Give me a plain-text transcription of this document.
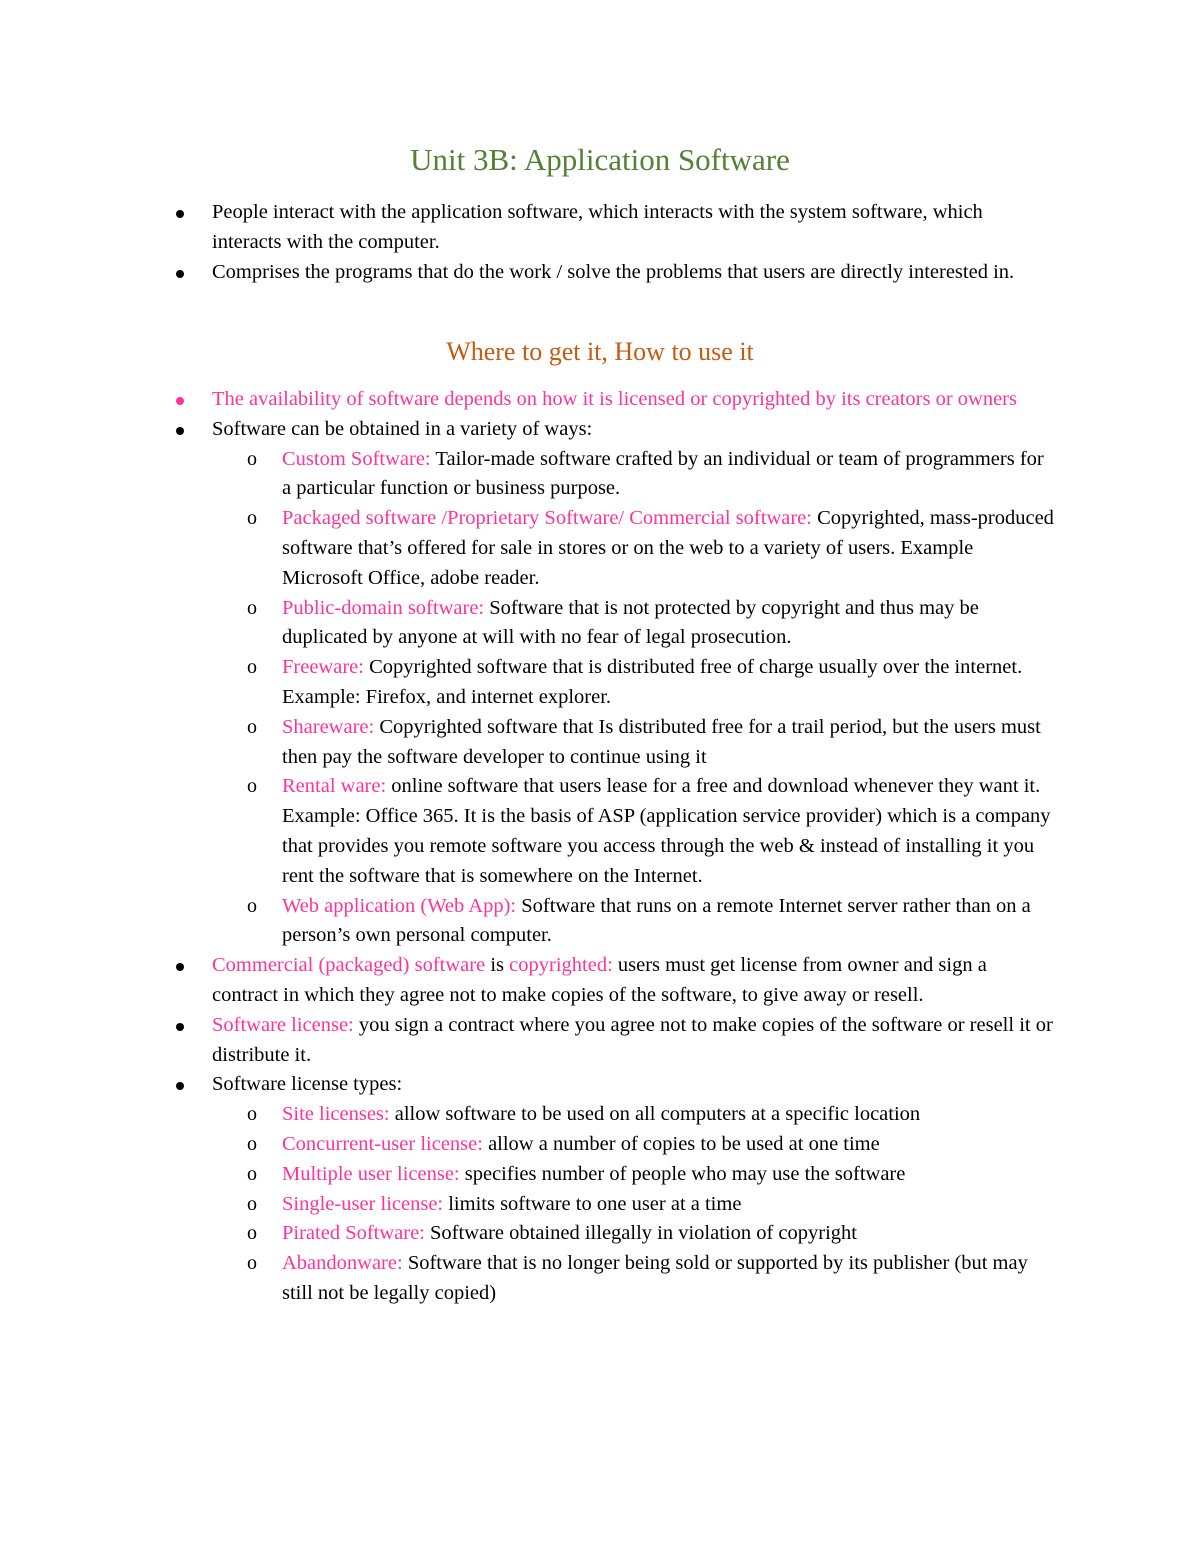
Unit 3B: Application Software
People interact with the application software, which interacts with the system software, which interacts with the computer.
Comprises the programs that do the work / solve the problems that users are directly interested in.
Where to get it, How to use it
The availability of software depends on how it is licensed or copyrighted by its creators or owners
Software can be obtained in a variety of ways:
o Custom Software: Tailor-made software crafted by an individual or team of programmers for a particular function or business purpose.
o Packaged software /Proprietary Software/ Commercial software: Copyrighted, mass-produced software that’s offered for sale in stores or on the web to a variety of users. Example Microsoft Office, adobe reader.
o Public-domain software: Software that is not protected by copyright and thus may be duplicated by anyone at will with no fear of legal prosecution.
o Freeware: Copyrighted software that is distributed free of charge usually over the internet. Example: Firefox, and internet explorer.
o Shareware: Copyrighted software that Is distributed free for a trail period, but the users must then pay the software developer to continue using it
o Rental ware: online software that users lease for a free and download whenever they want it. Example: Office 365. It is the basis of ASP (application service provider) which is a company that provides you remote software you access through the web & instead of installing it you rent the software that is somewhere on the Internet.
o Web application (Web App): Software that runs on a remote Internet server rather than on a person’s own personal computer.
Commercial (packaged) software is copyrighted: users must get license from owner and sign a contract in which they agree not to make copies of the software, to give away or resell.
Software license: you sign a contract where you agree not to make copies of the software or resell it or distribute it.
Software license types:
o Site licenses: allow software to be used on all computers at a specific location
o Concurrent-user license: allow a number of copies to be used at one time
o Multiple user license: specifies number of people who may use the software
o Single-user license: limits software to one user at a time
o Pirated Software: Software obtained illegally in violation of copyright
o Abandonware: Software that is no longer being sold or supported by its publisher (but may still not be legally copied)
